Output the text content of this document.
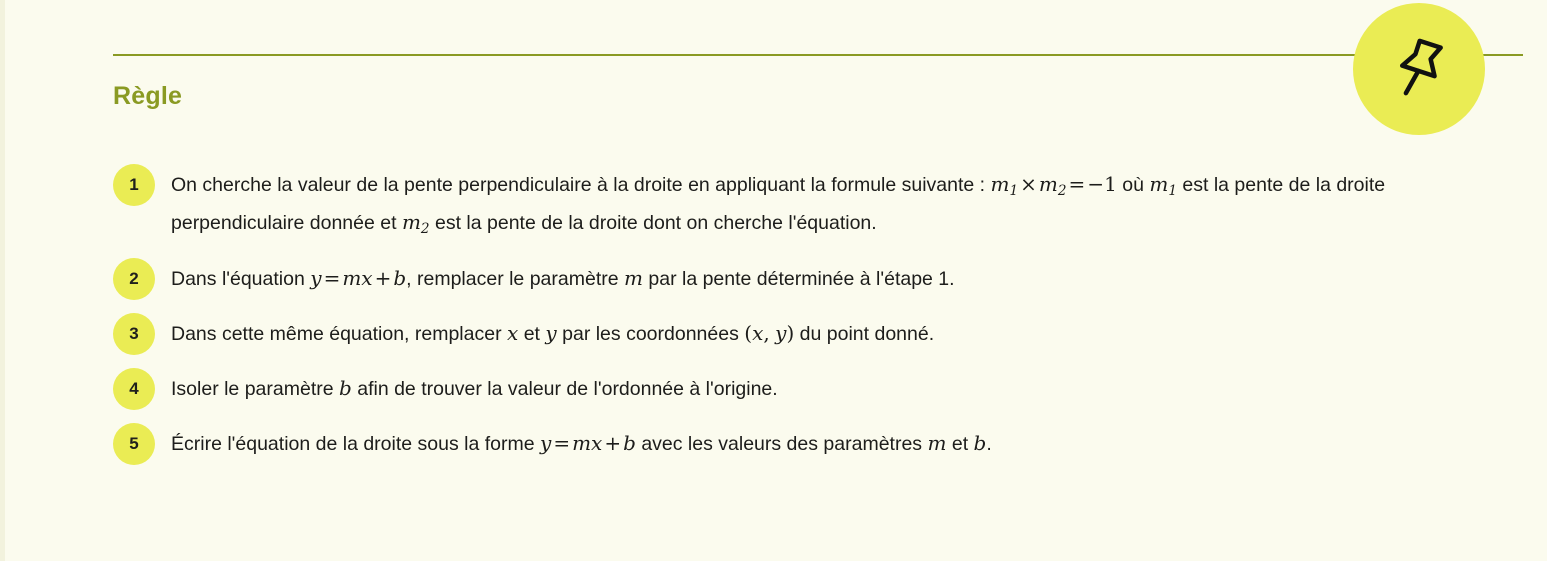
Règle
1	On cherche la valeur de la pente perpendiculaire à la droite en appliquant la formule suivante : $m_1 \times m_2 = -1$ où $m_1$ est la pente de la droite perpendiculaire donnée et $m_2$ est la pente de la droite dont on cherche l'équation.
2	Dans l'équation y = mx + b, remplacer le paramètre m par la pente déterminée à l'étape 1.
3	Dans cette même équation, remplacer x et y par les coordonnées (x, y) du point donné.
4	Isoler le paramètre b afin de trouver la valeur de l'ordonnée à l'origine.
5	Écrire l'équation de la droite sous la forme y = mx + b avec les valeurs des paramètres m et b.
